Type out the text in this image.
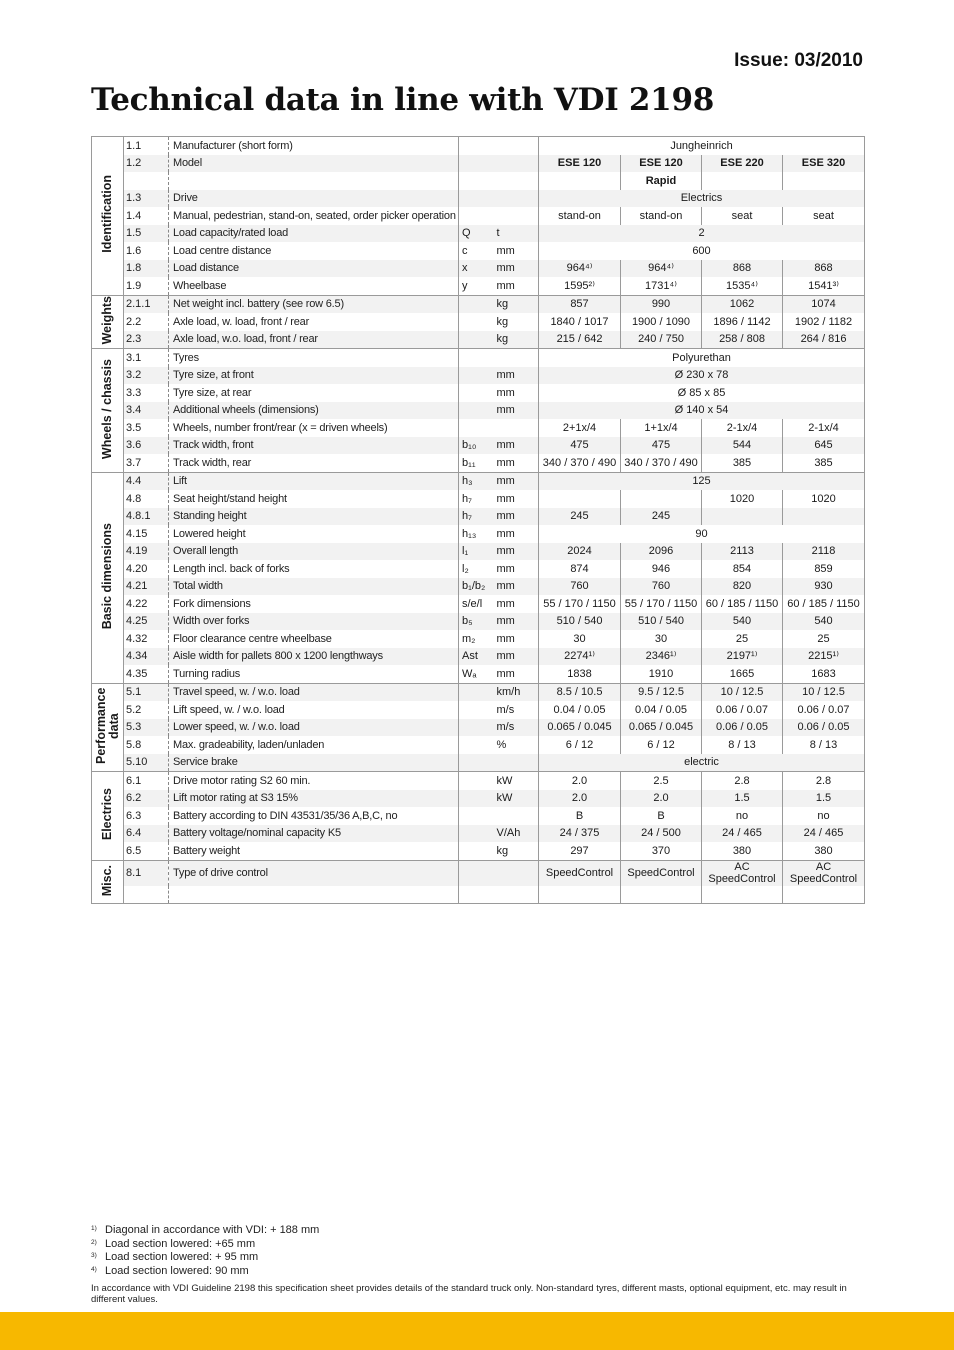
Issue: 03/2010
Technical data in line with VDI 2198
Identification	1.1	Manufacturer (short form)			Jungheinrich			
	1.2	Model			ESE 120	ESE 120	ESE 220	ESE 320
						Rapid		
	1.3	Drive			Electrics			
	1.4	Manual, pedestrian, stand-on, seated, order picker operation			stand-on	stand-on	seat	seat
	1.5	Load capacity/rated load	Q	t	2			
	1.6	Load centre distance	c	mm	600			
	1.8	Load distance	x	mm	964⁴⁾	964⁴⁾	868	868
	1.9	Wheelbase	y	mm	1595²⁾	1731⁴⁾	1535⁴⁾	1541³⁾
Weights	2.1.1	Net weight incl. battery (see row 6.5)		kg	857	990	1062	1074
	2.2	Axle load, w. load, front / rear		kg	1840 / 1017	1900 / 1090	1896 / 1142	1902 / 1182
	2.3	Axle load, w.o. load, front / rear		kg	215 / 642	240 / 750	258 / 808	264 / 816
Wheels / chassis	3.1	Tyres			Polyurethan			
	3.2	Tyre size, at front		mm	Ø 230 x 78			
	3.3	Tyre size, at rear		mm	Ø 85 x 85			
	3.4	Additional wheels (dimensions)		mm	Ø 140 x 54			
	3.5	Wheels, number front/rear (x = driven wheels)			2+1x/4	1+1x/4	2-1x/4	2-1x/4
	3.6	Track width, front	b₁₀	mm	475	475	544	645
	3.7	Track width, rear	b₁₁	mm	340 / 370 / 490	340 / 370 / 490	385	385
Basic dimensions	4.4	Lift	h₃	mm	125			
	4.8	Seat height/stand height	h₇	mm			1020	1020
	4.8.1	Standing height	h₇	mm	245	245		
	4.15	Lowered height	h₁₃	mm	90			
	4.19	Overall length	l₁	mm	2024	2096	2113	2118
	4.20	Length incl. back of forks	l₂	mm	874	946	854	859
	4.21	Total width	b₁/b₂	mm	760	760	820	930
	4.22	Fork dimensions	s/e/l	mm	55 / 170 / 1150	55 / 170 / 1150	60 / 185 / 1150	60 / 185 / 1150
	4.25	Width over forks	b₅	mm	510 / 540	510 / 540	540	540
	4.32	Floor clearance centre wheelbase	m₂	mm	30	30	25	25
	4.34	Aisle width for pallets 800 x 1200 lengthways	Ast	mm	2274¹⁾	2346¹⁾	2197¹⁾	2215¹⁾
	4.35	Turning radius	Wₐ	mm	1838	1910	1665	1683
Performance data	5.1	Travel speed, w. / w.o. load		km/h	8.5 / 10.5	9.5 / 12.5	10 / 12.5	10 / 12.5
	5.2	Lift speed, w. / w.o. load		m/s	0.04 / 0.05	0.04 / 0.05	0.06 / 0.07	0.06 / 0.07
	5.3	Lower speed, w. / w.o. load		m/s	0.065 / 0.045	0.065 / 0.045	0.06 / 0.05	0.06 / 0.05
	5.8	Max. gradeability, laden/unladen		%	6 / 12	6 / 12	8 / 13	8 / 13
	5.10	Service brake			electric			
Electrics	6.1	Drive motor rating S2 60 min.		kW	2.0	2.5	2.8	2.8
	6.2	Lift motor rating at S3 15%		kW	2.0	2.0	1.5	1.5
	6.3	Battery according to DIN 43531/35/36 A,B,C, no			B	B	no	no
	6.4	Battery voltage/nominal capacity K5		V/Ah	24 / 375	24 / 500	24 / 465	24 / 465
	6.5	Battery weight		kg	297	370	380	380
Misc.	8.1	Type of drive control			SpeedControl	SpeedControl	AC SpeedControl	AC SpeedControl

1) Diagonal in accordance with VDI: + 188 mm
2) Load section lowered: +65 mm
3) Load section lowered: + 95 mm
4) Load section lowered: 90 mm
In accordance with VDI Guideline 2198 this specification sheet provides details of the standard truck only. Non-standard tyres, different masts, optional equipment, etc. may result in different values.
